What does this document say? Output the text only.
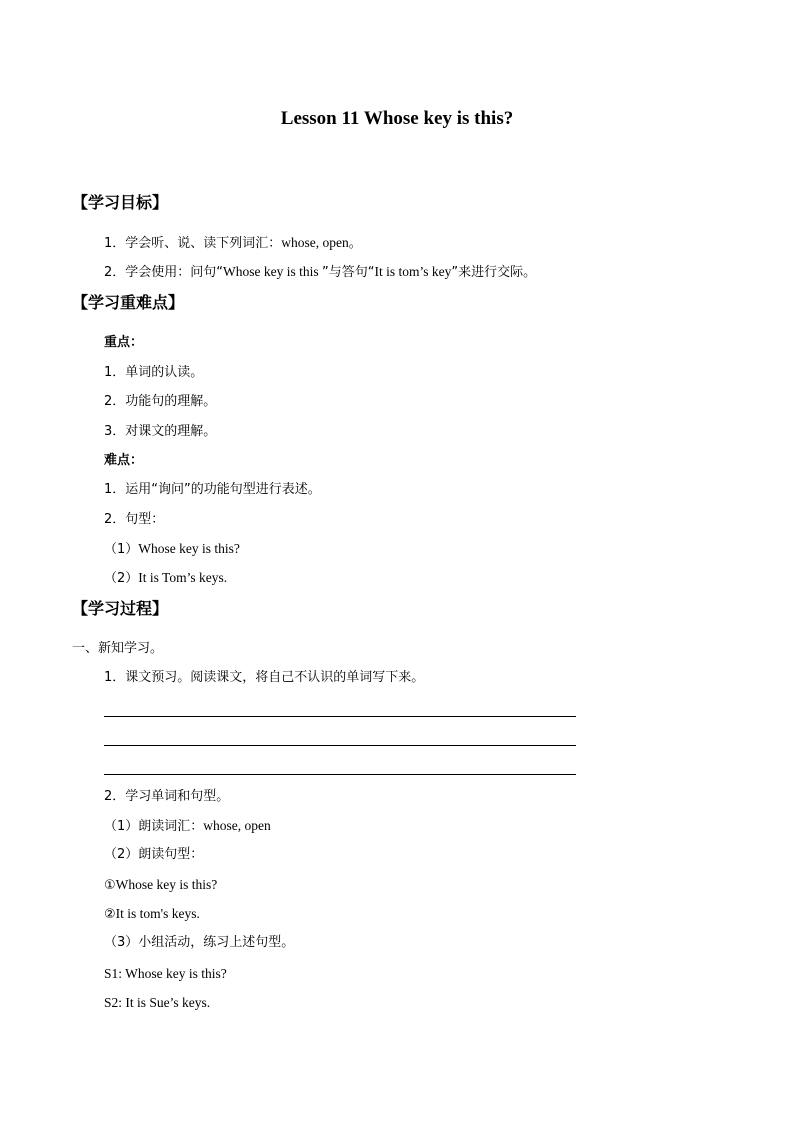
Lesson 11 Whose key is this?
【学习目标】
1．学会听、说、读下列词汇：whose, open。
2．学会使用：问句“Whose key is this ”与答句“It is tom’s key”来进行交际。
【学习重难点】
重点：
1．单词的认读。
2．功能句的理解。
3．对课文的理解。
难点：
1．运用“询问”的功能句型进行表述。
2．句型：
（1）Whose key is this?
（2）It is Tom’s keys.
【学习过程】
一、新知学习。
1．课文预习。阅读课文，将自己不认识的单词写下来。
2．学习单词和句型。
（1）朗读词汇：whose, open
（2）朗读句型：
①Whose key is this?
②It is tom's keys.
（3）小组活动，练习上述句型。
S1: Whose key is this?
S2: It is Sue’s keys.
